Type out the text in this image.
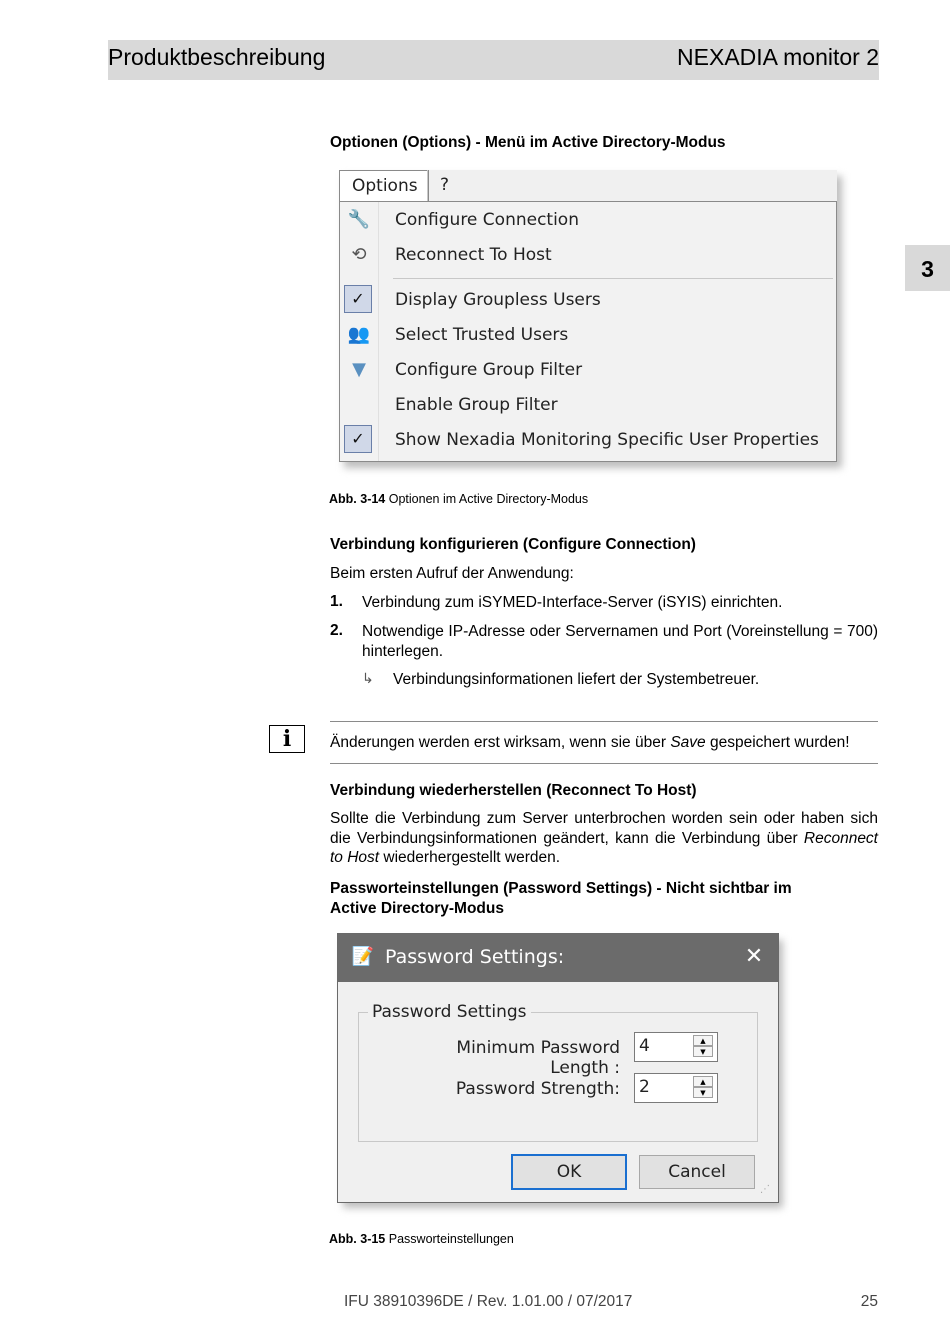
Produktbeschreibung	NEXADIA monitor 2
3
Optionen (Options) - Menü im Active Directory-Modus
Options	?
🔧 Configure Connection
⟲	Reconnect To Host
✓	Display Groupless Users
👥 Select Trusted Users
▼	Configure Group Filter
Enable Group Filter
✓	Show Nexadia Monitoring Specific User Properties
Abb. 3-14 Optionen im Active Directory-Modus
Verbindung konfigurieren (Configure Connection)
Beim ersten Aufruf der Anwendung:
1. Verbindung zum iSYMED-Interface-Server (iSYIS) einrichten.
2. Notwendige IP-Adresse oder Servernamen und Port (Voreinstellung = 700) hinterlegen.
↳ Verbindungsinformationen liefert der Systembetreuer.
i	Änderungen werden erst wirksam, wenn sie über Save gespeichert wurden!
Verbindung wiederherstellen (Reconnect To Host)
Sollte die Verbindung zum Server unterbrochen worden sein oder haben sich die Verbindungsinformationen geändert, kann die Verbindung über Reconnect to Host wiederhergestellt werden.
Passworteinstellungen (Password Settings) - Nicht sichtbar im Active Directory-Modus
📝 Password Settings:	✕
Password Settings
Minimum Password Length :
4	▲
▼
Password Strength: 2	▲
▼
OK	Cancel
⋰
Abb. 3-15 Passworteinstellungen
IFU 38910396DE / Rev. 1.01.00 / 07/2017	25
